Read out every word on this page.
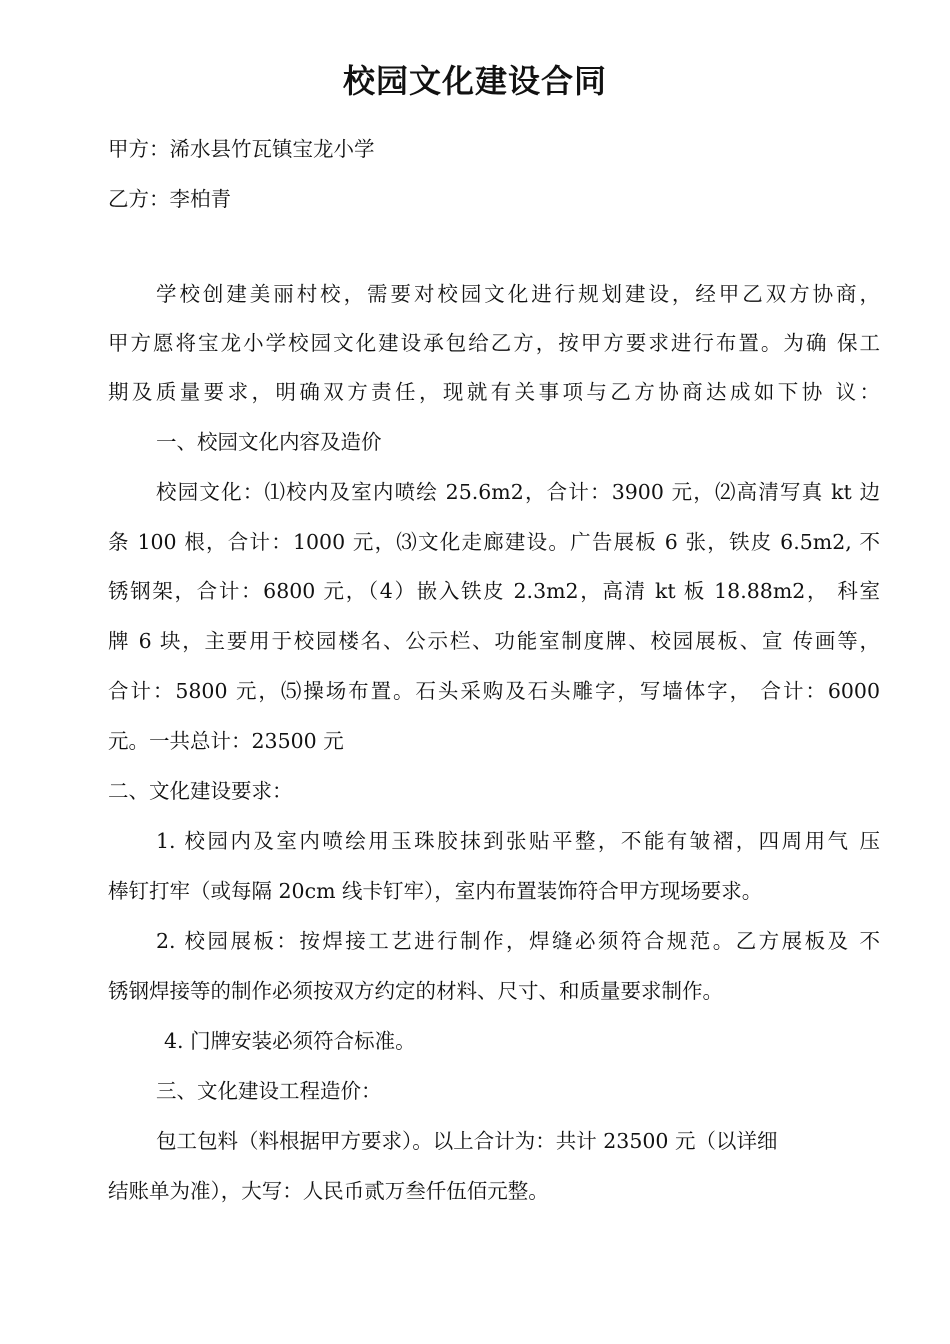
校园文化建设合同
甲方：浠水县竹瓦镇宝龙小学
乙方：李柏青
学校创建美丽村校，需要对校园文化进行规划建设，经甲乙双方协商，
甲方愿将宝龙小学校园文化建设承包给乙方，按甲方要求进行布置。为确 保工
期及质量要求，明确双方责任，现就有关事项与乙方协商达成如下协 议：
一、校园文化内容及造价
校园文化：⑴校内及室内喷绘 25.6m2，合计：3900 元，⑵高清写真 kt 边
条 100 根，合计：1000 元，⑶文化走廊建设。广告展板 6 张，铁皮 6.5m2, 不
锈钢架，合计：6800 元，（4）嵌入铁皮 2.3m2，高清 kt 板 18.88m2， 科室
牌 6 块，主要用于校园楼名、公示栏、功能室制度牌、校园展板、宣 传画等，
合计：5800 元，⑸操场布置。石头采购及石头雕字，写墙体字， 合计：6000
元。一共总计：23500 元
二、文化建设要求：
1. 校园内及室内喷绘用玉珠胶抹到张贴平整，不能有皱褶，四周用气 压
棒钉打牢（或每隔 20cm 线卡钉牢），室内布置装饰符合甲方现场要求。
2. 校园展板：按焊接工艺进行制作，焊缝必须符合规范。乙方展板及 不
锈钢焊接等的制作必须按双方约定的材料、尺寸、和质量要求制作。
4. 门牌安装必须符合标准。
三、文化建设工程造价：
包工包料（料根据甲方要求）。以上合计为：共计 23500 元（以详细
结账单为准），大写：人民币贰万叁仟伍佰元整。
